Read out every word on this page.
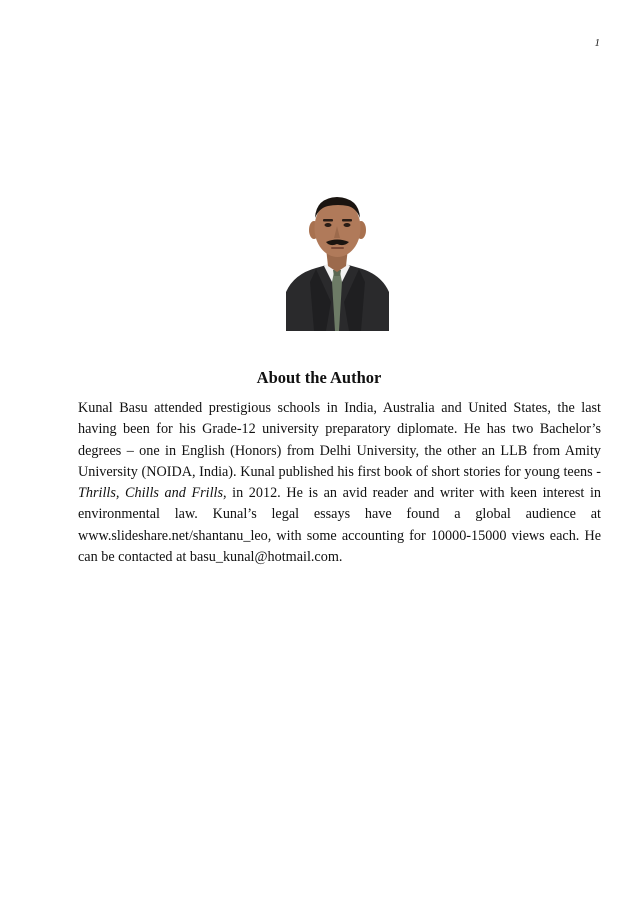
1
About the Author

Kunal Basu attended prestigious schools in India, Australia and United States, the last having been for his Grade-12 university preparatory diplomate. He has two Bachelor’s degrees – one in English (Honors) from Delhi University, the other an LLB from Amity University (NOIDA, India). Kunal published his first book of short stories for young teens - Thrills, Chills and Frills, in 2012. He is an avid reader and writer with keen interest in environmental law. Kunal’s legal essays have found a global audience at www.slideshare.net/shantanu_leo, with some accounting for 10000-15000 views each. He can be contacted at basu_kunal@hotmail.com.
